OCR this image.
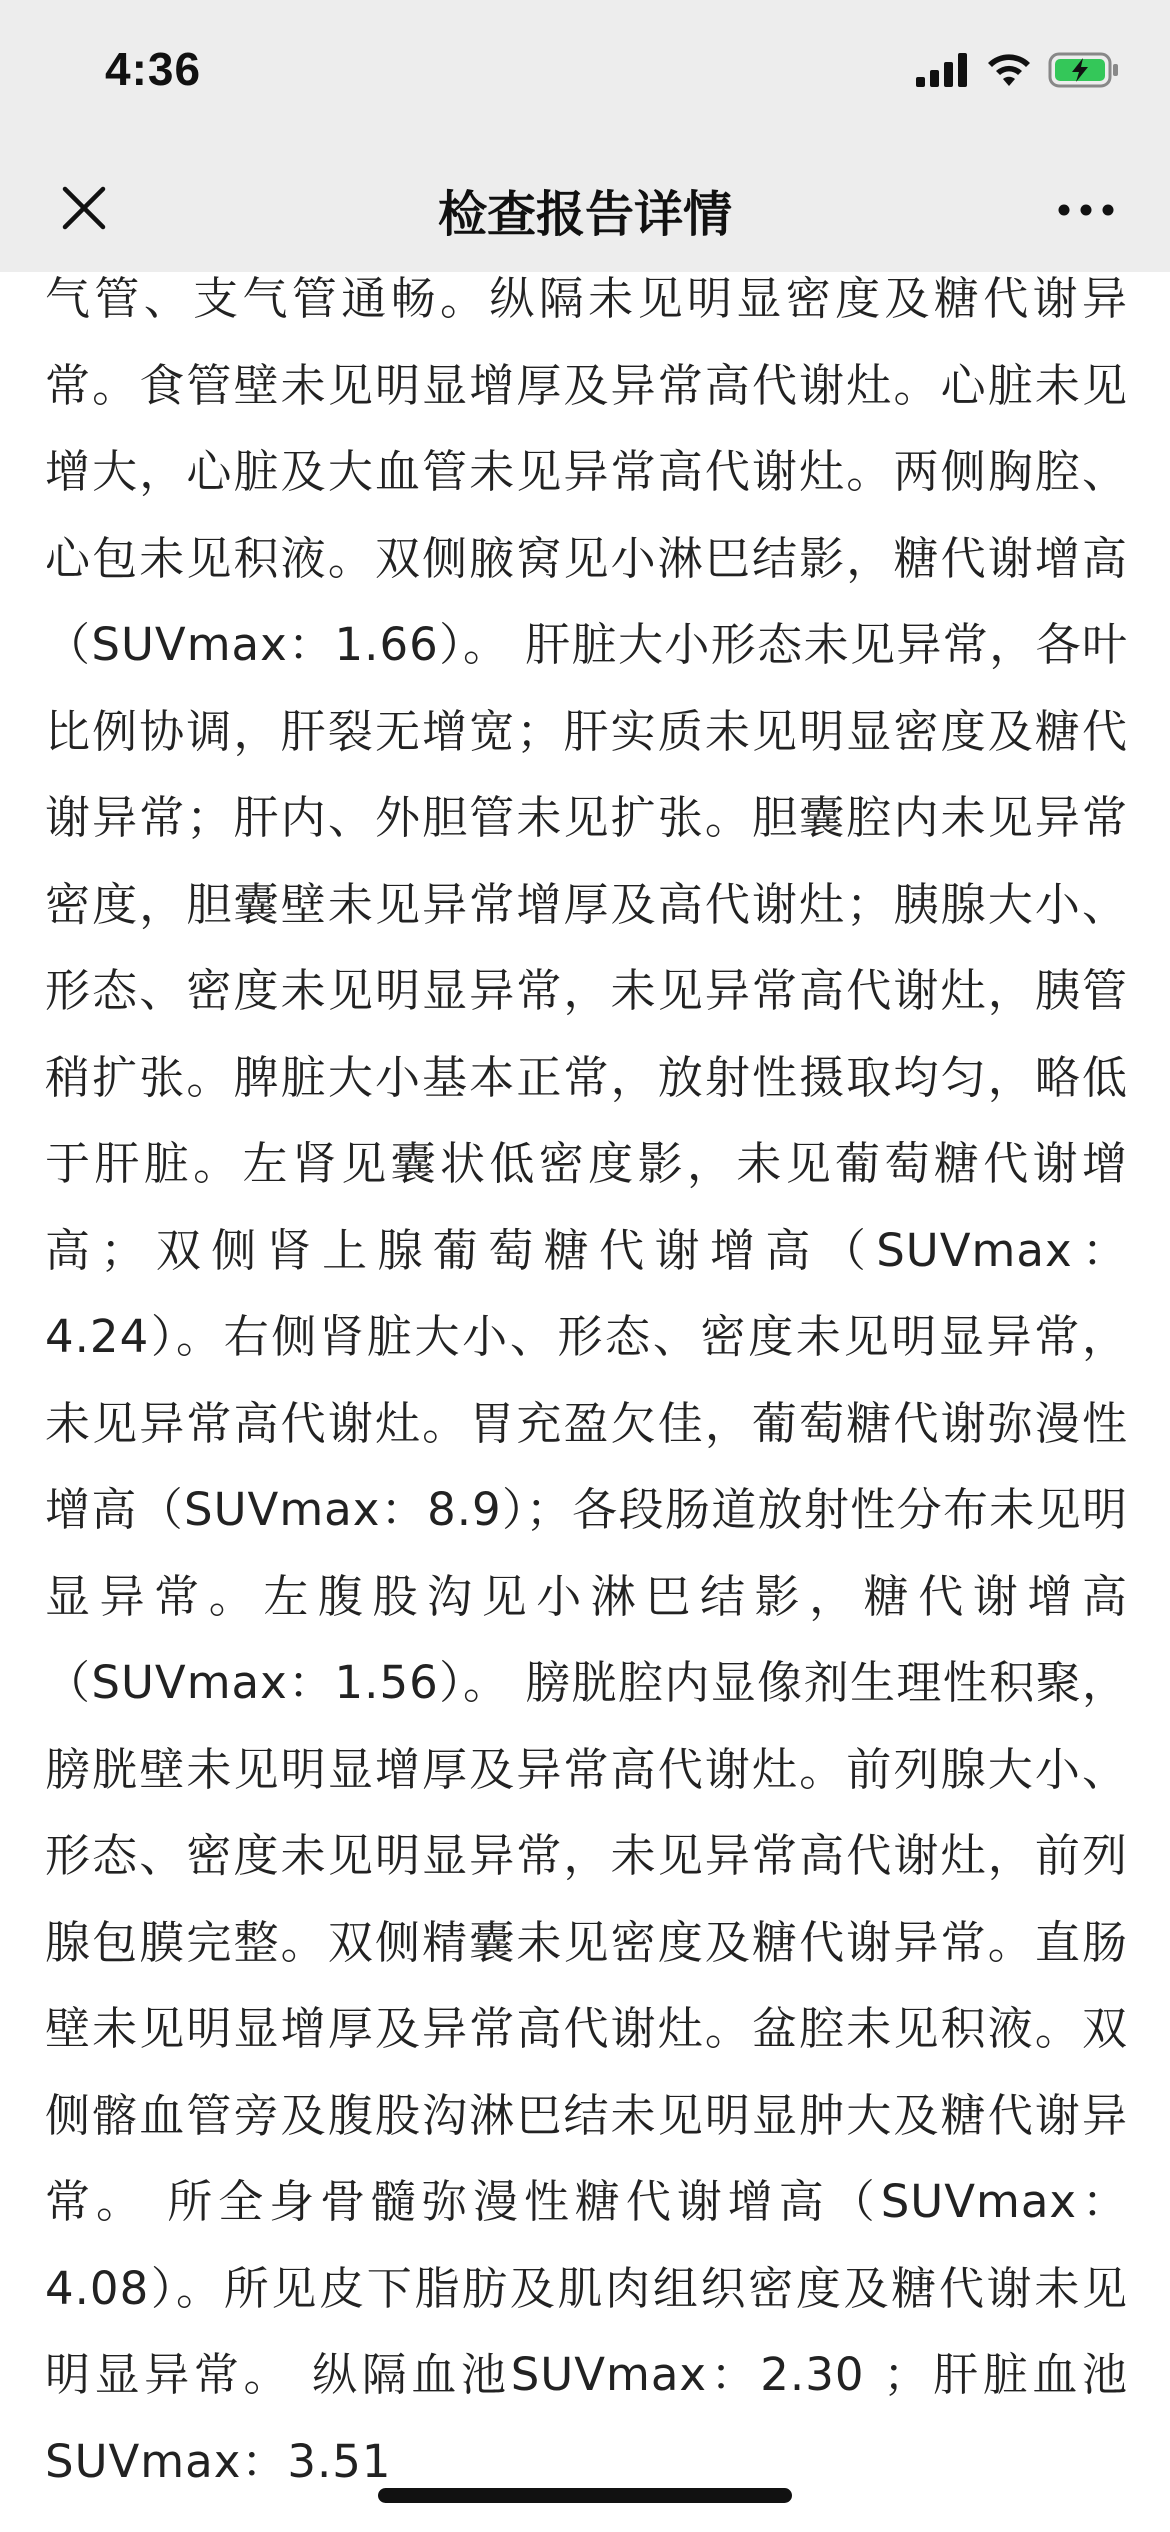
4:36
检查报告详情

气管、支气管通畅。纵隔未见明显密度及糖代谢异常。食管壁未见明显增厚及异常高代谢灶。心脏未见增大，心脏及大血管未见异常高代谢灶。两侧胸腔、心包未见积液。双侧腋窝见小淋巴结影，糖代谢增高（SUVmax：1.66）。 肝脏大小形态未见异常，各叶比例协调，肝裂无增宽；肝实质未见明显密度及糖代谢异常；肝内、外胆管未见扩张。胆囊腔内未见异常密度，胆囊壁未见异常增厚及高代谢灶；胰腺大小、形态、密度未见明显异常，未见异常高代谢灶，胰管稍扩张。脾脏大小基本正常，放射性摄取均匀，略低于肝脏。左肾见囊状低密度影，未见葡萄糖代谢增高；双侧肾上腺葡萄糖代谢增高（SUVmax：4.24）。右侧肾脏大小、形态、密度未见明显异常，未见异常高代谢灶。胃充盈欠佳，葡萄糖代谢弥漫性增高（SUVmax：8.9）；各段肠道放射性分布未见明显异常。左腹股沟见小淋巴结影，糖代谢增高（SUVmax：1.56）。 膀胱腔内显像剂生理性积聚，膀胱壁未见明显增厚及异常高代谢灶。前列腺大小、形态、密度未见明显异常，未见异常高代谢灶，前列腺包膜完整。双侧精囊未见密度及糖代谢异常。直肠壁未见明显增厚及异常高代谢灶。盆腔未见积液。双侧髂血管旁及腹股沟淋巴结未见明显肿大及糖代谢异常。 所全身骨髓弥漫性糖代谢增高（SUVmax：4.08）。所见皮下脂肪及肌肉组织密度及糖代谢未见明显异常。 纵隔血池SUVmax：2.30 ；肝脏血池SUVmax：3.51
